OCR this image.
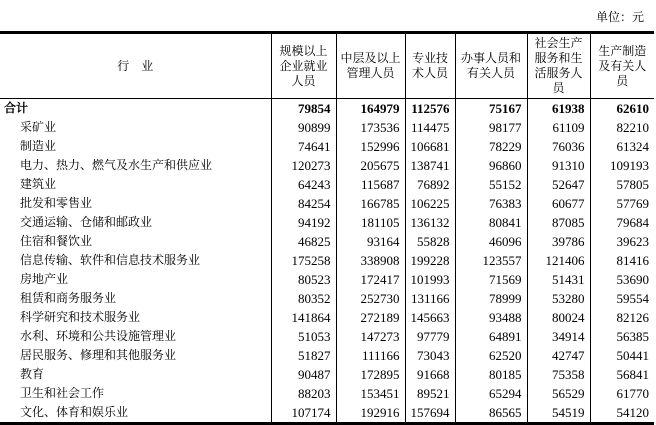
单位：元
行　业	规模以上企业就业人员	中层及以上管理人员	专业技术人员	办事人员和有关人员	社会生产服务和生活服务人员	生产制造及有关人员
合计	79854	164979	112576	75167	61938	62610
采矿业	90899	173536	114475	98177	61109	82210
制造业	74641	152996	106681	78229	76036	61324
电力、热力、燃气及水生产和供应业	120273	205675	138741	96860	91310	109193
建筑业	64243	115687	76892	55152	52647	57805
批发和零售业	84254	166785	106225	76383	60677	57769
交通运输、仓储和邮政业	94192	181105	136132	80841	87085	79684
住宿和餐饮业	46825	93164	55828	46096	39786	39623
信息传输、软件和信息技术服务业	175258	338908	199228	123557	121406	81416
房地产业	80523	172417	101993	71569	51431	53690
租赁和商务服务业	80352	252730	131166	78999	53280	59554
科学研究和技术服务业	141864	272189	145663	93488	80024	82126
水利、环境和公共设施管理业	51053	147273	97779	64891	34914	56385
居民服务、修理和其他服务业	51827	111166	73043	62520	42747	50441
教育	90487	172895	91668	80185	75358	56841
卫生和社会工作	88203	153451	89521	65294	56529	61770
文化、体育和娱乐业	107174	192916	157694	86565	54519	54120
